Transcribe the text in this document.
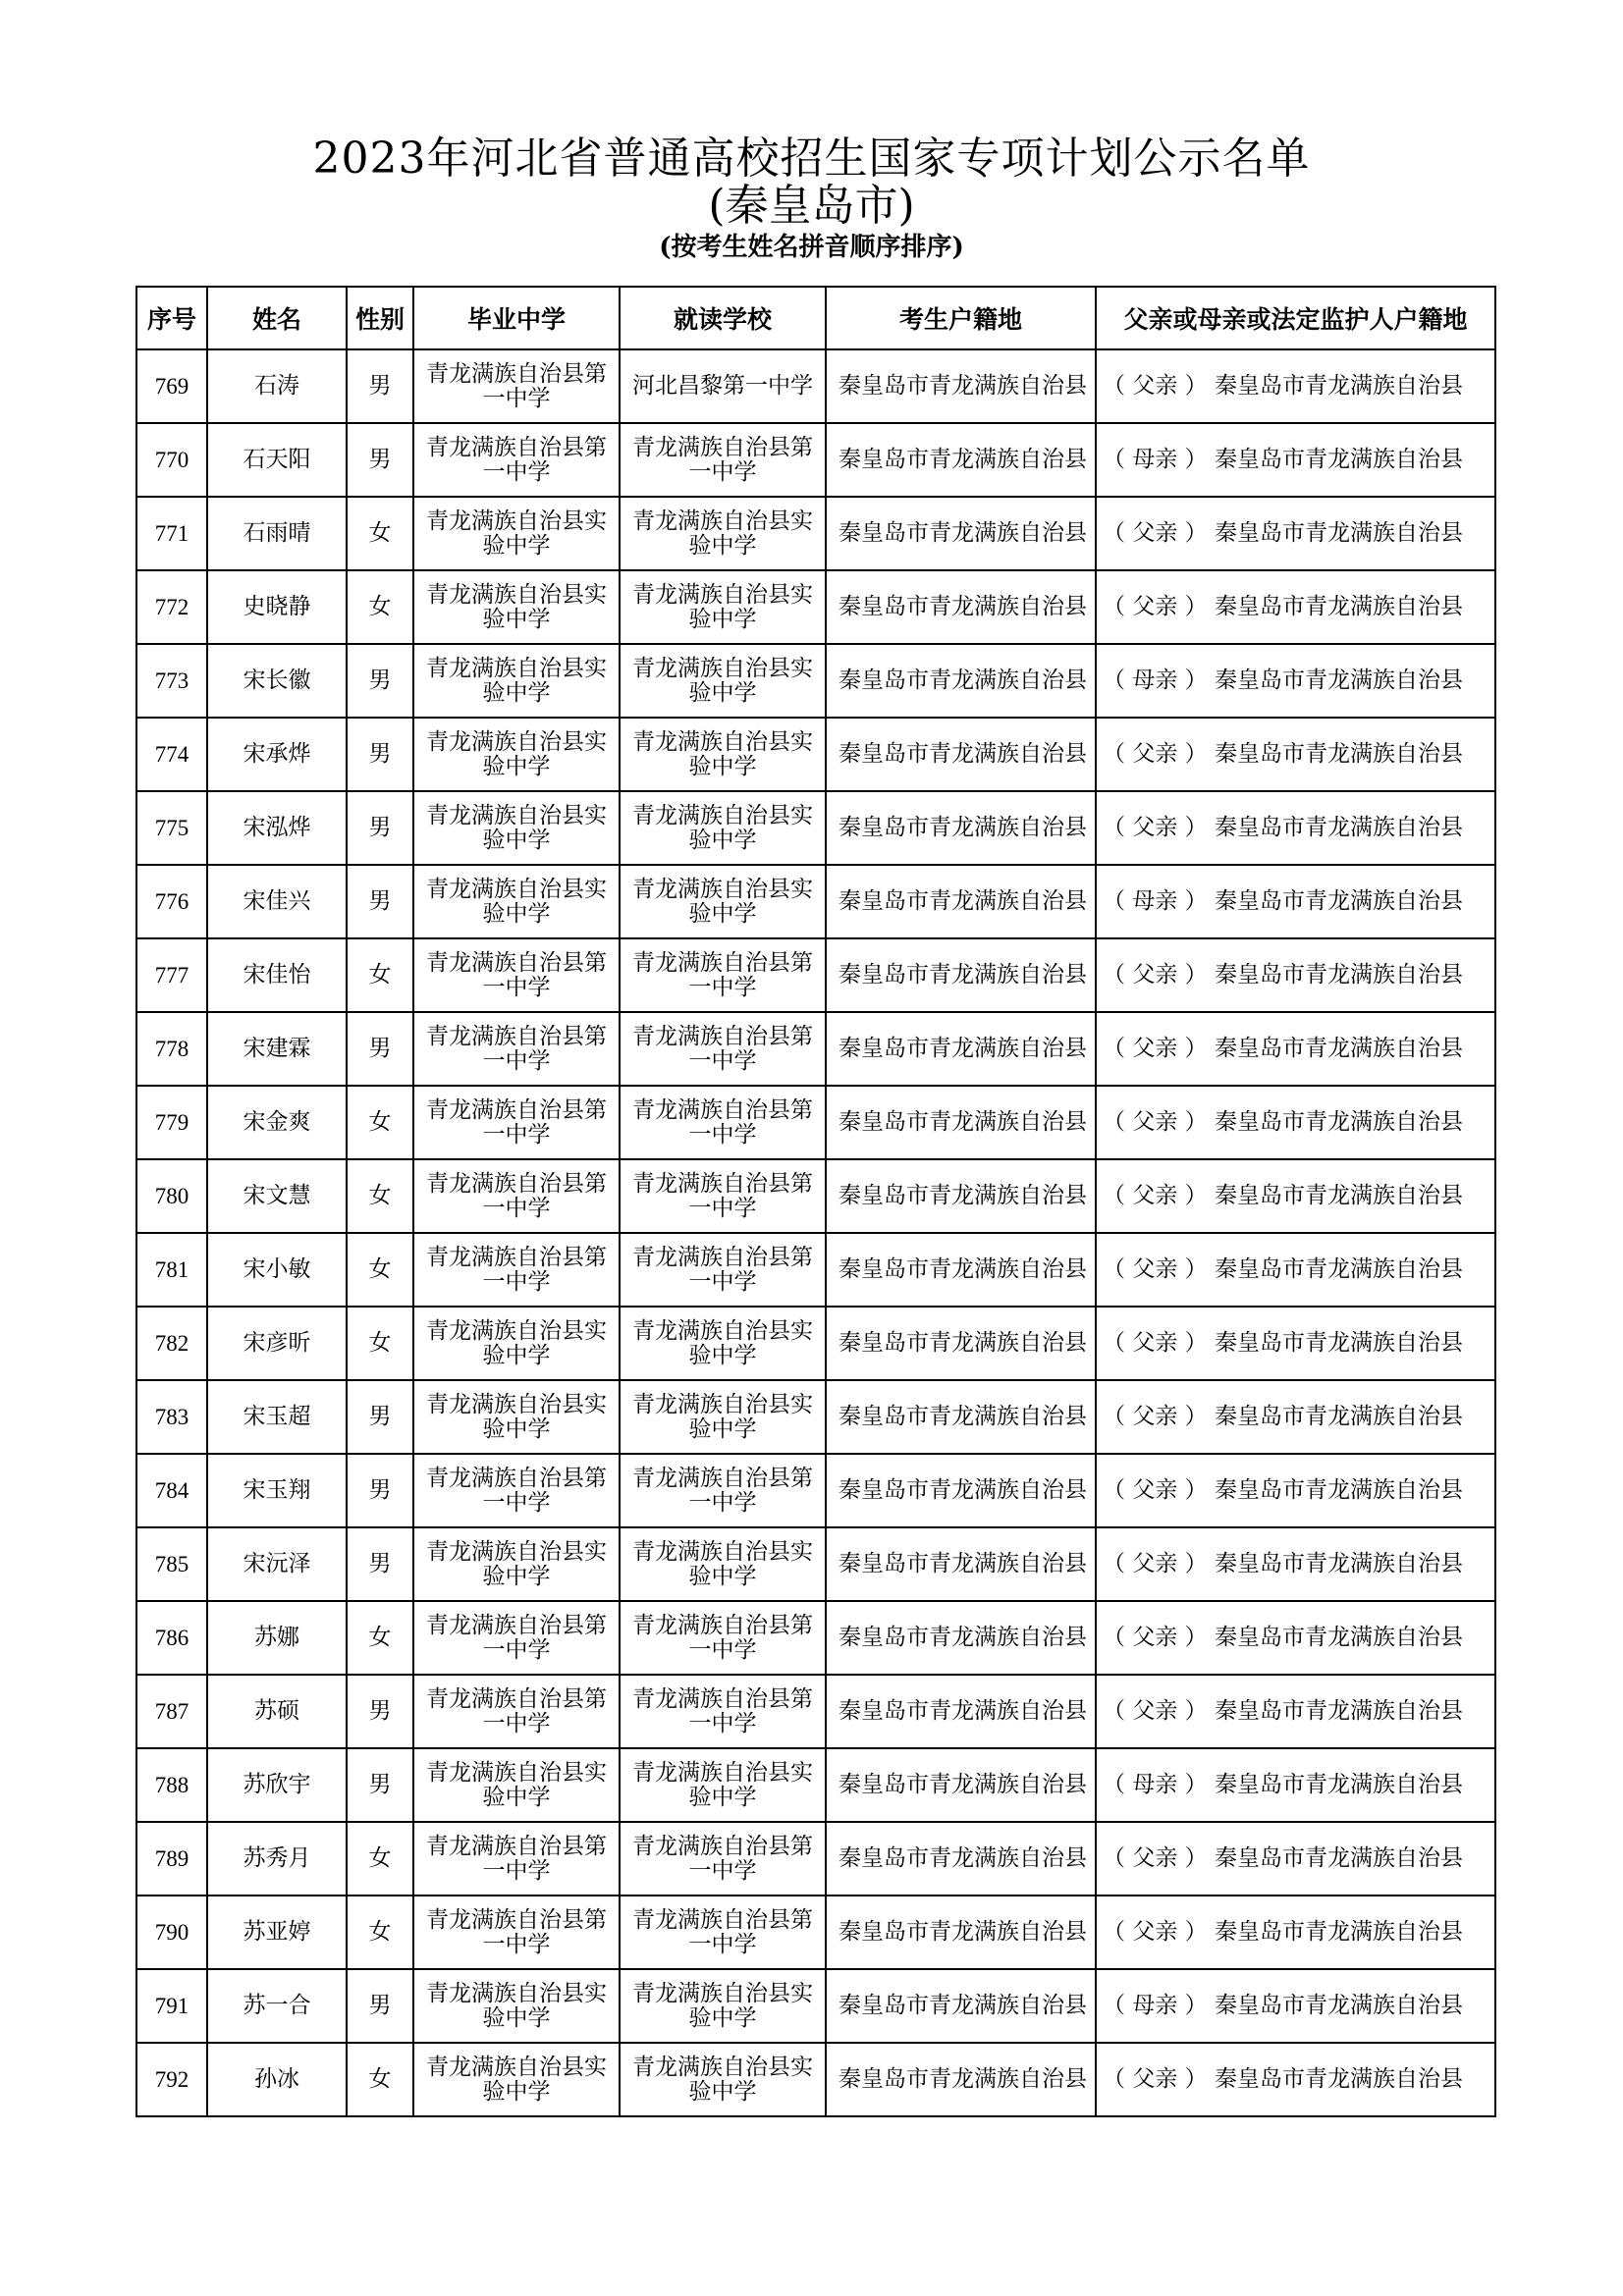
2023年河北省普通高校招生国家专项计划公示名单
(秦皇岛市)
(按考生姓名拼音顺序排序)
序号	姓名	性别	毕业中学	就读学校	考生户籍地	父亲或母亲或法定监护人户籍地
769	石涛	男	青龙满族自治县第一中学	河北昌黎第一中学	秦皇岛市青龙满族自治县	（ 父亲 ） 秦皇岛市青龙满族自治县
770	石天阳	男	青龙满族自治县第一中学	青龙满族自治县第一中学	秦皇岛市青龙满族自治县	（ 母亲 ） 秦皇岛市青龙满族自治县
771	石雨晴	女	青龙满族自治县实验中学	青龙满族自治县实验中学	秦皇岛市青龙满族自治县	（ 父亲 ） 秦皇岛市青龙满族自治县
772	史晓静	女	青龙满族自治县实验中学	青龙满族自治县实验中学	秦皇岛市青龙满族自治县	（ 父亲 ） 秦皇岛市青龙满族自治县
773	宋长徽	男	青龙满族自治县实验中学	青龙满族自治县实验中学	秦皇岛市青龙满族自治县	（ 母亲 ） 秦皇岛市青龙满族自治县
774	宋承烨	男	青龙满族自治县实验中学	青龙满族自治县实验中学	秦皇岛市青龙满族自治县	（ 父亲 ） 秦皇岛市青龙满族自治县
775	宋泓烨	男	青龙满族自治县实验中学	青龙满族自治县实验中学	秦皇岛市青龙满族自治县	（ 父亲 ） 秦皇岛市青龙满族自治县
776	宋佳兴	男	青龙满族自治县实验中学	青龙满族自治县实验中学	秦皇岛市青龙满族自治县	（ 母亲 ） 秦皇岛市青龙满族自治县
777	宋佳怡	女	青龙满族自治县第一中学	青龙满族自治县第一中学	秦皇岛市青龙满族自治县	（ 父亲 ） 秦皇岛市青龙满族自治县
778	宋建霖	男	青龙满族自治县第一中学	青龙满族自治县第一中学	秦皇岛市青龙满族自治县	（ 父亲 ） 秦皇岛市青龙满族自治县
779	宋金爽	女	青龙满族自治县第一中学	青龙满族自治县第一中学	秦皇岛市青龙满族自治县	（ 父亲 ） 秦皇岛市青龙满族自治县
780	宋文慧	女	青龙满族自治县第一中学	青龙满族自治县第一中学	秦皇岛市青龙满族自治县	（ 父亲 ） 秦皇岛市青龙满族自治县
781	宋小敏	女	青龙满族自治县第一中学	青龙满族自治县第一中学	秦皇岛市青龙满族自治县	（ 父亲 ） 秦皇岛市青龙满族自治县
782	宋彦昕	女	青龙满族自治县实验中学	青龙满族自治县实验中学	秦皇岛市青龙满族自治县	（ 父亲 ） 秦皇岛市青龙满族自治县
783	宋玉超	男	青龙满族自治县实验中学	青龙满族自治县实验中学	秦皇岛市青龙满族自治县	（ 父亲 ） 秦皇岛市青龙满族自治县
784	宋玉翔	男	青龙满族自治县第一中学	青龙满族自治县第一中学	秦皇岛市青龙满族自治县	（ 父亲 ） 秦皇岛市青龙满族自治县
785	宋沅泽	男	青龙满族自治县实验中学	青龙满族自治县实验中学	秦皇岛市青龙满族自治县	（ 父亲 ） 秦皇岛市青龙满族自治县
786	苏娜	女	青龙满族自治县第一中学	青龙满族自治县第一中学	秦皇岛市青龙满族自治县	（ 父亲 ） 秦皇岛市青龙满族自治县
787	苏硕	男	青龙满族自治县第一中学	青龙满族自治县第一中学	秦皇岛市青龙满族自治县	（ 父亲 ） 秦皇岛市青龙满族自治县
788	苏欣宇	男	青龙满族自治县实验中学	青龙满族自治县实验中学	秦皇岛市青龙满族自治县	（ 母亲 ） 秦皇岛市青龙满族自治县
789	苏秀月	女	青龙满族自治县第一中学	青龙满族自治县第一中学	秦皇岛市青龙满族自治县	（ 父亲 ） 秦皇岛市青龙满族自治县
790	苏亚婷	女	青龙满族自治县第一中学	青龙满族自治县第一中学	秦皇岛市青龙满族自治县	（ 父亲 ） 秦皇岛市青龙满族自治县
791	苏一合	男	青龙满族自治县实验中学	青龙满族自治县实验中学	秦皇岛市青龙满族自治县	（ 母亲 ） 秦皇岛市青龙满族自治县
792	孙冰	女	青龙满族自治县实验中学	青龙满族自治县实验中学	秦皇岛市青龙满族自治县	（ 父亲 ） 秦皇岛市青龙满族自治县
